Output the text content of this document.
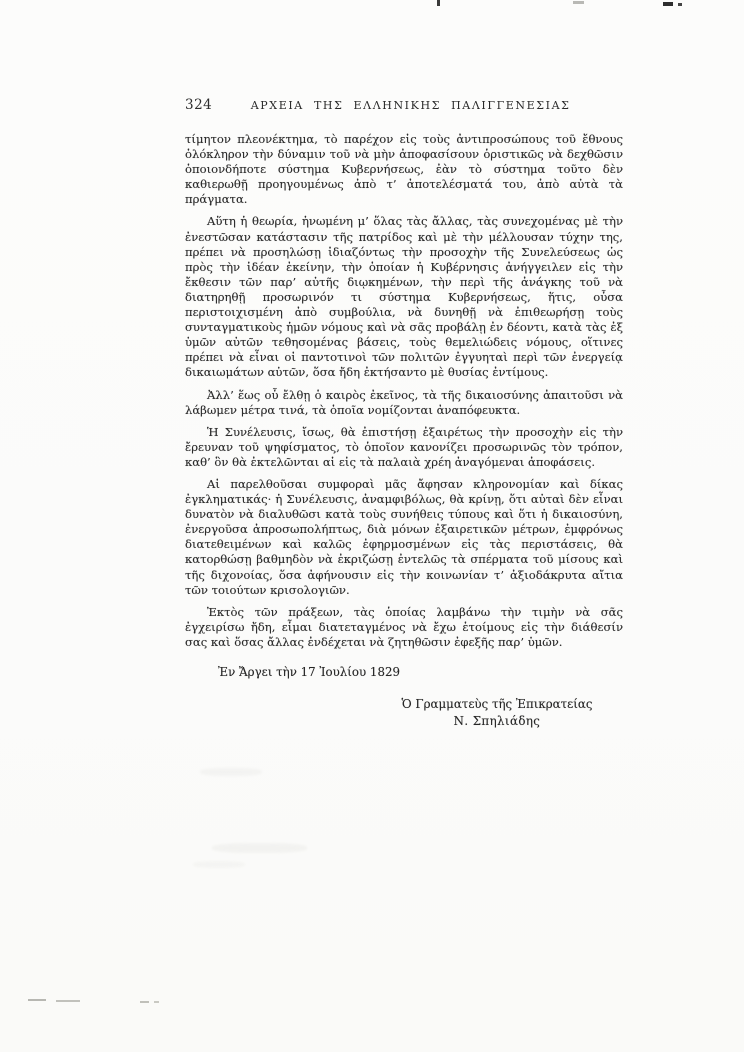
324	ΑΡΧΕΙΑ ΤΗΣ ΕΛΛΗΝΙΚΗΣ ΠΑΛΙΓΓΕΝΕΣΙΑΣ

τίμητον πλεονέκτημα, τὸ παρέχον εἰς τοὺς ἀντιπροσώπους τοῦ ἔθνους ὁλόκληρον τὴν δύναμιν τοῦ νὰ μὴν ἀποφασίσουν ὁριστικῶς νὰ δεχθῶσιν ὁποιονδήποτε σύστημα Κυβερνήσεως, ἐὰν τὸ σύστημα τοῦτο δὲν καθιερωθῇ προηγουμένως ἀπὸ τ’ ἀποτελέσματά του, ἀπὸ αὐτὰ τὰ πράγματα.

Αὕτη ἡ θεωρία, ἡνωμένη μ’ ὅλας τὰς ἄλλας, τὰς συνεχομένας μὲ τὴν ἐνεστῶσαν κατάστασιν τῆς πατρίδος καὶ μὲ τὴν μέλλουσαν τύχην της, πρέπει νὰ προσηλώσῃ ἰδιαζόντως τὴν προσοχὴν τῆς Συνελεύσεως ὡς πρὸς τὴν ἰδέαν ἐκείνην, τὴν ὁποίαν ἡ Κυβέρνησις ἀνήγγειλεν εἰς τὴν ἔκθεσιν τῶν παρ’ αὐτῆς διῳκημένων, τὴν περὶ τῆς ἀνάγκης τοῦ νὰ διατηρηθῇ προσωρινόν τι σύστημα Κυβερνήσεως, ἥτις, οὖσα περιστοιχισμένη ἀπὸ συμβούλια, νὰ δυνηθῇ νὰ ἐπιθεωρήσῃ τοὺς συνταγματικοὺς ἡμῶν νόμους καὶ νὰ σᾶς προβάλῃ ἐν δέοντι, κατὰ τὰς ἐξ ὑμῶν αὐτῶν τεθησομένας βάσεις, τοὺς θεμελιώδεις νόμους, οἵτινες πρέπει νὰ εἶναι οἱ παντοτινοὶ τῶν πολιτῶν ἐγγυηταὶ περὶ τῶν ἐνεργείᾳ δικαιωμάτων αὐτῶν, ὅσα ἤδη ἐκτήσαντο μὲ θυσίας ἐντίμους.

Ἀλλ’ ἕως οὗ ἔλθῃ ὁ καιρὸς ἐκεῖνος, τὰ τῆς δικαιοσύνης ἀπαιτοῦσι νὰ λάβωμεν μέτρα τινά, τὰ ὁποῖα νομίζονται ἀναπόφευκτα.

Ἡ Συνέλευσις, ἴσως, θὰ ἐπιστήσῃ ἐξαιρέτως τὴν προσοχὴν εἰς τὴν ἔρευναν τοῦ ψηφίσματος, τὸ ὁποῖον κανονίζει προσωρινῶς τὸν τρόπον, καθ’ ὃν θὰ ἐκτελῶνται αἱ εἰς τὰ παλαιὰ χρέη ἀναγόμεναι ἀποφάσεις.

Αἱ παρελθοῦσαι συμφοραὶ μᾶς ἄφησαν κληρονομίαν καὶ δίκας ἐγκληματικάς· ἡ Συνέλευσις, ἀναμφιβόλως, θὰ κρίνῃ, ὅτι αὐταὶ δὲν εἶναι δυνατὸν νὰ διαλυθῶσι κατὰ τοὺς συνήθεις τύπους καὶ ὅτι ἡ δικαιοσύνη, ἐνεργοῦσα ἀπροσωπολήπτως, διὰ μόνων ἐξαιρετικῶν μέτρων, ἐμφρόνως διατεθειμένων καὶ καλῶς ἐφηρμοσμένων εἰς τὰς περιστάσεις, θὰ κατορθώσῃ βαθμηδὸν νὰ ἐκριζώσῃ ἐντελῶς τὰ σπέρματα τοῦ μίσους καὶ τῆς διχονοίας, ὅσα ἀφήνουσιν εἰς τὴν κοινωνίαν τ’ ἀξιοδάκρυτα αἴτια τῶν τοιούτων κρισολογιῶν.

Ἐκτὸς τῶν πράξεων, τὰς ὁποίας λαμβάνω τὴν τιμὴν νὰ σᾶς ἐγχειρίσω ἤδη, εἶμαι διατεταγμένος νὰ ἔχω ἑτοίμους εἰς τὴν διάθεσίν σας καὶ ὅσας ἄλλας ἐνδέχεται νὰ ζητηθῶσιν ἐφεξῆς παρ’ ὑμῶν.

Ἐν Ἄργει τὴν 17 Ἰουλίου 1829
Ὁ Γραμματεὺς τῆς Ἐπικρατείας
Ν. Σπηλιάδης
